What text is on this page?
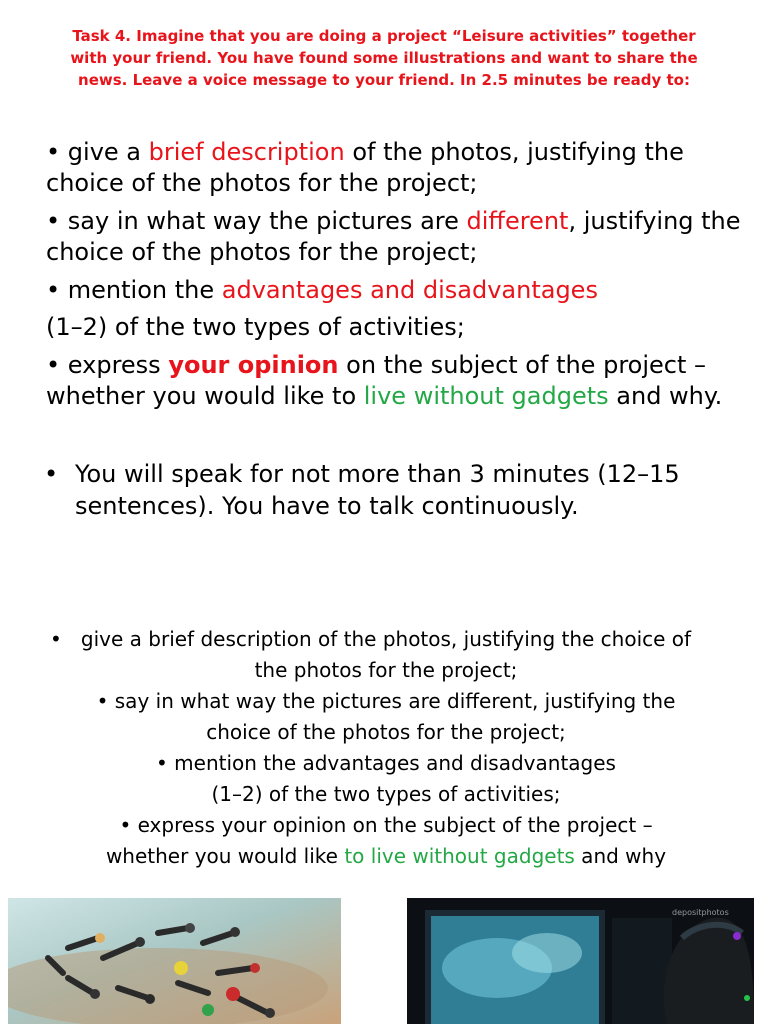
Task 4. Imagine that you are doing a project “Leisure activities” together
with your friend. You have found some illustrations and want to share the
news. Leave a voice message to your friend. In 2.5 minutes be ready to:
• give a brief description of the photos, justifying the
choice of the photos for the project;
• say in what way the pictures are different, justifying the
choice of the photos for the project;
• mention the advantages and disadvantages
(1–2) of the two types of activities;
• express your opinion on the subject of the project –
whether you would like to live without gadgets and why.
• You will speak for not more than 3 minutes (12–15
sentences). You have to talk continuously.
• give a brief description of the photos, justifying the choice of
the photos for the project;
• say in what way the pictures are different, justifying the
choice of the photos for the project;
• mention the advantages and disadvantages
(1–2) of the two types of activities;
• express your opinion on the subject of the project –
whether you would like to live without gadgets and why
depositphotos
